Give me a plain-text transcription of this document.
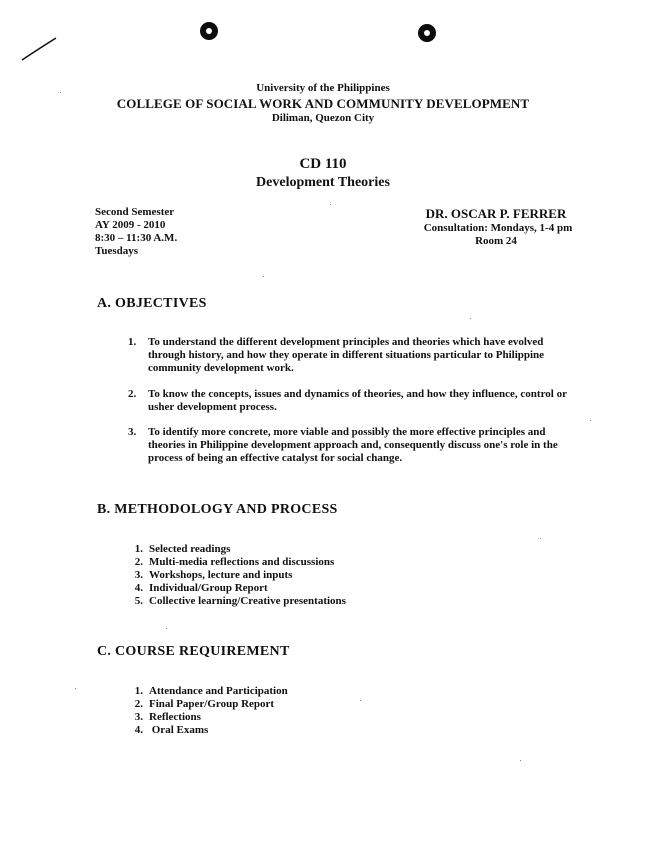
University of the Philippines
COLLEGE OF SOCIAL WORK AND COMMUNITY DEVELOPMENT
Diliman, Quezon City
CD 110
Development Theories
Second Semester
AY 2009 - 2010
8:30 – 11:30 A.M.
Tuesdays
DR. OSCAR P. FERRER
Consultation: Mondays, 1-4 pm
Room 24
A. OBJECTIVES
1. To understand the different development principles and theories which have evolved through history, and how they operate in different situations particular to Philippine community development work.
2. To know the concepts, issues and dynamics of theories, and how they influence, control or usher development process.
3. To identify more concrete, more viable and possibly the more effective principles and theories in Philippine development approach and, consequently discuss one's role in the process of being an effective catalyst for social change.
B. METHODOLOGY AND PROCESS
1. Selected readings
2. Multi-media reflections and discussions
3. Workshops, lecture and inputs
4. Individual/Group Report
5. Collective learning/Creative presentations
C. COURSE REQUIREMENT
1. Attendance and Participation
2. Final Paper/Group Report
3. Reflections
4. Oral Exams
